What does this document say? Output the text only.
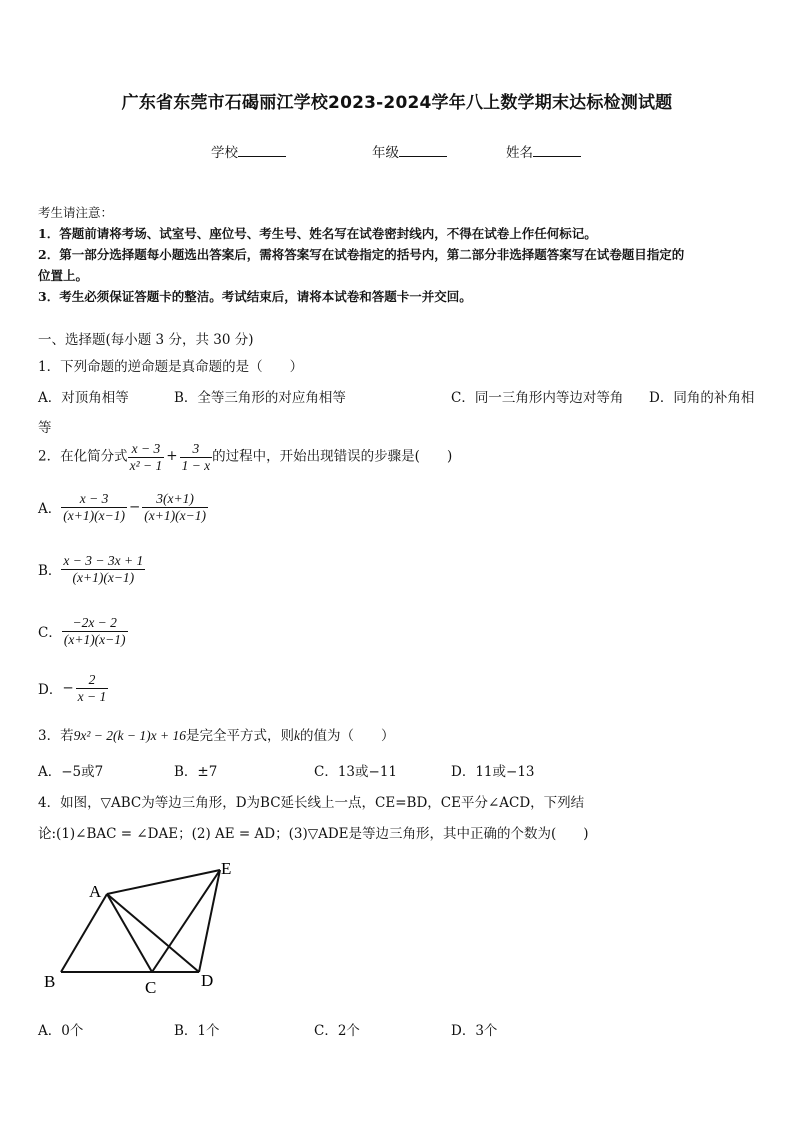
广东省东莞市石碣丽江学校2023-2024学年八上数学期末达标检测试题
学校	年级	姓名
考生请注意：
1．答题前请将考场、试室号、座位号、考生号、姓名写在试卷密封线内，不得在试卷上作任何标记。
2．第一部分选择题每小题选出答案后，需将答案写在试卷指定的括号内，第二部分非选择题答案写在试卷题目指定的
位置上。
3．考生必须保证答题卡的整洁。考试结束后，请将本试卷和答题卡一并交回。
一、选择题(每小题 3 分，共 30 分)
1．下列命题的逆命题是真命题的是（　　）
A．对顶角相等	B．全等三角形的对应角相等	C．同一三角形内等边对等角 D．同角的补角相
等
2．在化简分式 $\frac{x - 3}{\text{x² − 1}} + \frac{3}{1 - x}$ 的过程中，开始出现错误的步骤是(　　)
A． $\frac{x - 3}{(x+1)(x-1)} - \frac{3(x+1)}{(x+1)(x-1)}$
B． $\frac{x - 3 - 3x + 1}{(x+1)(x-1)}$
C． $\frac{-2x - 2}{(x+1)(x-1)}$
D．− $\frac{2}{x - 1}$
3．若9x² − 2(k − 1)x + 16是完全平方式，则k的值为（　　）
A．−5或7	B．±7	C．13或−11	D．11或−13
4．如图，▽ABC为等边三角形，D为BC延长线上一点，CE=BD，CE平分∠ACD，下列结
论:(1)∠BAC = ∠DAE；(2) AE = AD；(3)▽ADE是等边三角形，其中正确的个数为(　　)
A
B	C	D
E
A．0个	B．1个	C．2个	D．3个
